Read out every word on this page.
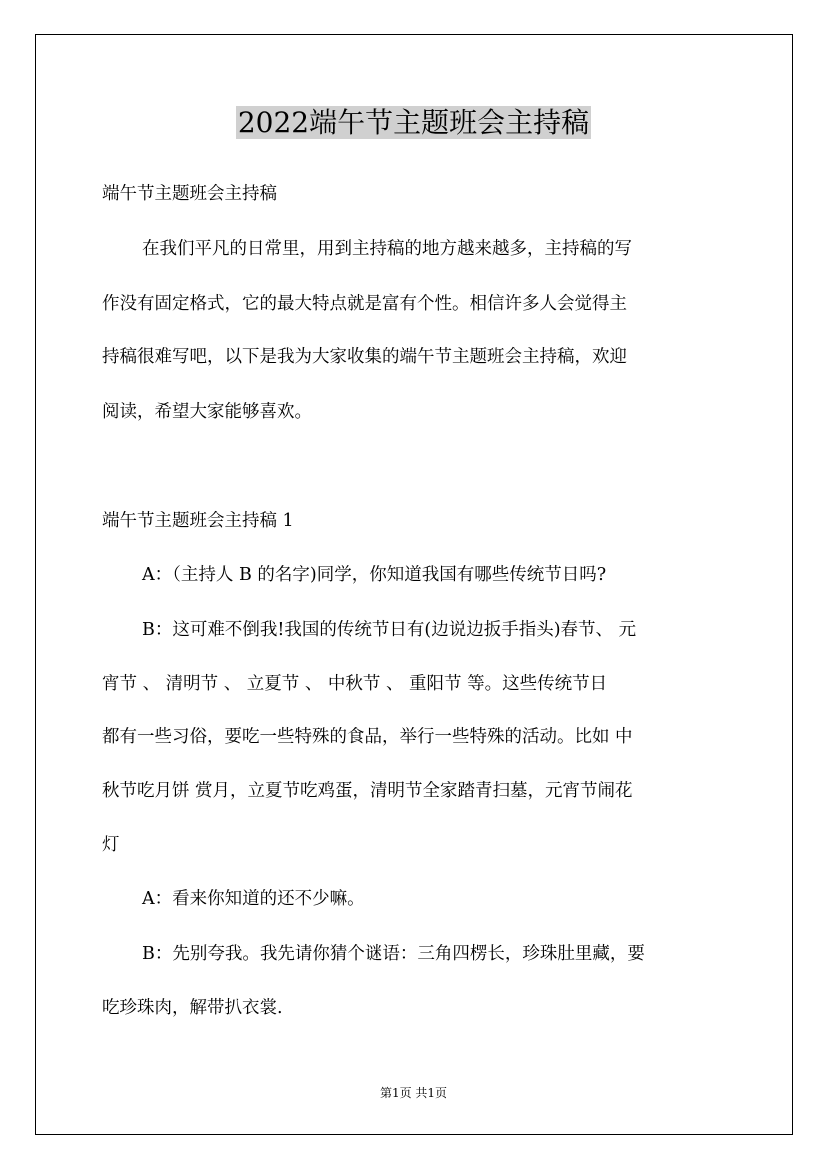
2022端午节主题班会主持稿
端午节主题班会主持稿
在我们平凡的日常里，用到主持稿的地方越来越多，主持稿的写
作没有固定格式，它的最大特点就是富有个性。相信许多人会觉得主
持稿很难写吧，以下是我为大家收集的端午节主题班会主持稿，欢迎
阅读，希望大家能够喜欢。
端午节主题班会主持稿 1
A：（主持人 B 的名字)同学，你知道我国有哪些传统节日吗?
B：这可难不倒我!我国的传统节日有(边说边扳手指头)春节、 元
宵节 、 清明节 、 立夏节 、 中秋节 、 重阳节 等。这些传统节日
都有一些习俗，要吃一些特殊的食品，举行一些特殊的活动。比如 中
秋节吃月饼 赏月，立夏节吃鸡蛋，清明节全家踏青扫墓，元宵节闹花
灯
A：看来你知道的还不少嘛。
B：先别夸我。我先请你猜个谜语：三角四楞长，珍珠肚里藏，要
吃珍珠肉，解带扒衣裳.
第1页 共1页
